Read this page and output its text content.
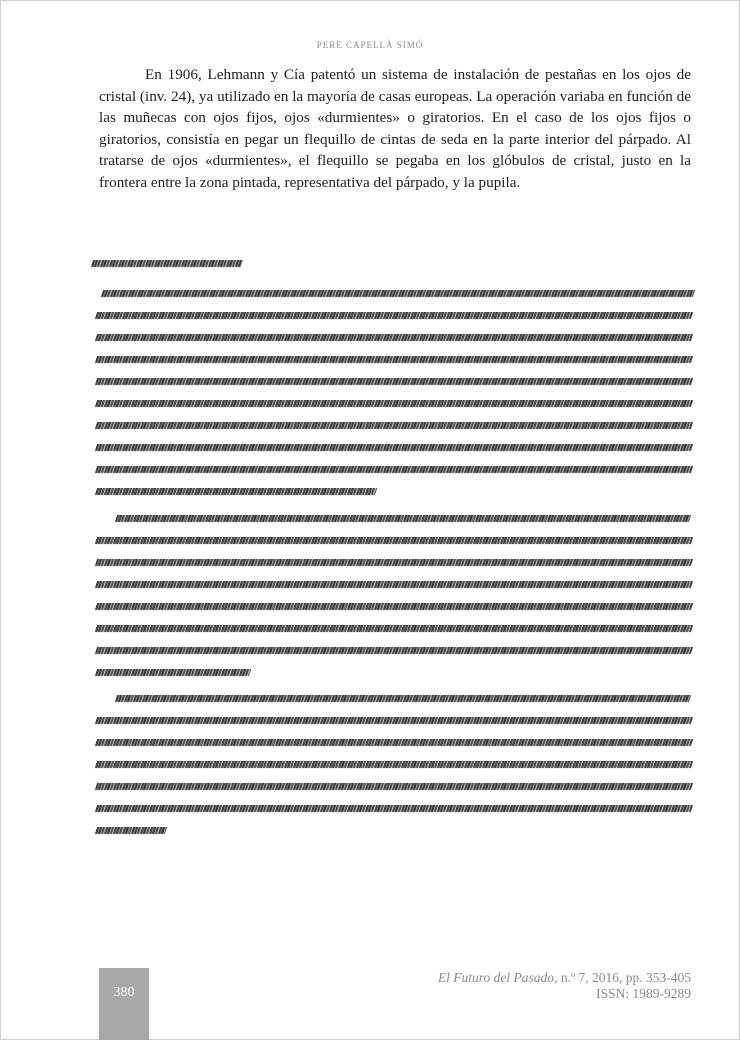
PERE CAPELLÀ SIMÓ

En 1906, Lehmann y Cía patentó un sistema de instalación de pestañas en los ojos de cristal (inv. 24), ya utilizado en la mayoría de casas europeas. La operación variaba en función de las muñecas con ojos fijos, ojos «durmientes» o giratorios. En el caso de los ojos fijos o giratorios, consistía en pegar un flequillo de cintas de seda en la parte interior del párpado. Al tratarse de ojos «durmientes», el flequillo se pegaba en los glóbulos de cristal, justo en la frontera entre la zona pintada, representativa del párpado, y la pupila.

380
El Futuro del Pasado, n.º 7, 2016, pp. 353-405
ISSN: 1989-9289
